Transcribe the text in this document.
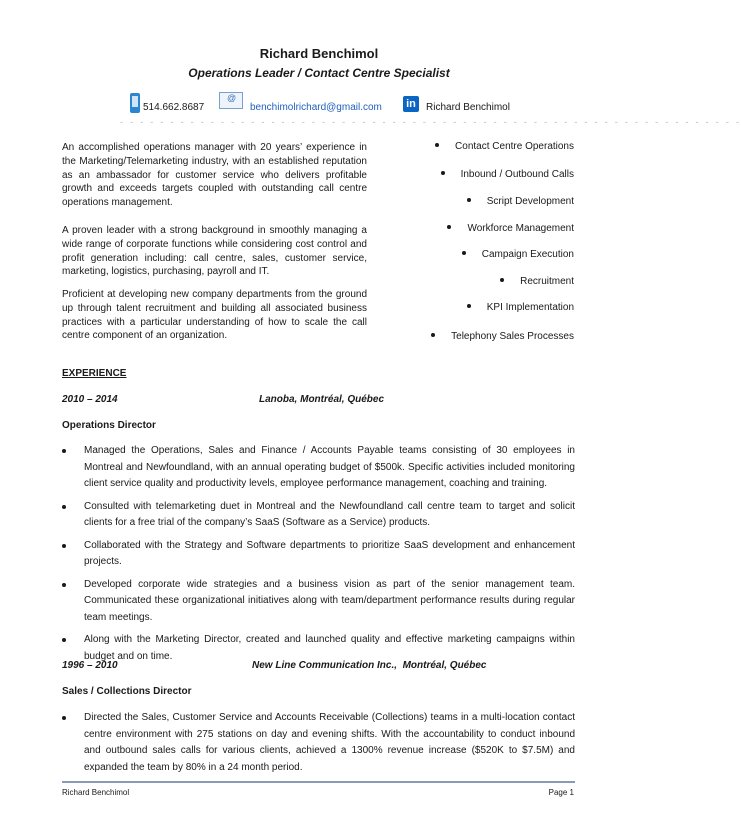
Richard Benchimol
Operations Leader / Contact Centre Specialist
514.662.8687
@
benchimolrichard@gmail.com in	Richard Benchimol
- - - - - - - - - - - - - - - - - - - - - - - - - - - - - - - - - - - - - - - - - - - - - - - - - - - - - - - - - - - - - -

An accomplished operations manager with 20 years’ experience in the Marketing/Telemarketing industry, with an established reputation as an ambassador for customer service who delivers profitable growth and exceeds targets coupled with outstanding call centre operations management.

A proven leader with a strong background in smoothly managing a wide range of corporate functions while considering cost control and profit generation including: call centre, sales, customer service, marketing, logistics, purchasing, payroll and IT.

Proficient at developing new company departments from the ground up through talent recruitment and building all associated business practices with a particular understanding of how to scale the call centre component of an organization.

Contact Centre Operations
Inbound / Outbound Calls
Script Development
Workforce Management
Campaign Execution
Recruitment
KPI Implementation
Telephony Sales Processes
EXPERIENCE
2010 – 2014	Lanoba, Montréal, Québec
Operations Director
Managed the Operations, Sales and Finance / Accounts Payable teams consisting of 30 employees in Montreal and Newfoundland, with an annual operating budget of $500k. Specific activities included monitoring client service quality and productivity levels, employee performance management, coaching and training.
Consulted with telemarketing duet in Montreal and the Newfoundland call centre team to target and solicit clients for a free trial of the company’s SaaS (Software as a Service) products.
Collaborated with the Strategy and Software departments to prioritize SaaS development and enhancement projects.
Developed corporate wide strategies and a business vision as part of the senior management team. Communicated these organizational initiatives along with team/department performance results during regular team meetings.
Along with the Marketing Director, created and launched quality and effective marketing campaigns within budget and on time.
1996 – 2010	New Line Communication Inc.,  Montréal, Québec
Sales / Collections Director
Directed the Sales, Customer Service and Accounts Receivable (Collections) teams in a multi-location contact centre environment with 275 stations on day and evening shifts. With the accountability to conduct inbound and outbound sales calls for various clients, achieved a 1300% revenue increase ($520K to $7.5M) and expanded the team by 80% in a 24 month period.
Richard Benchimol	Page 1
